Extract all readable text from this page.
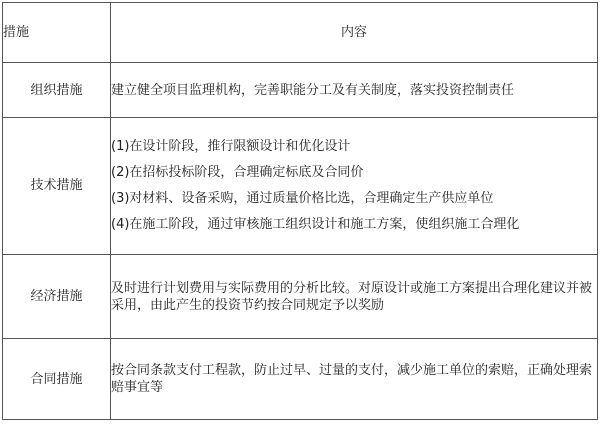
措施	内容
组织措施	建立健全项目监理机构，完善职能分工及有关制度，落实投资控制责任
技术措施	(1)在设计阶段，推行限额设计和优化设计
(2)在招标投标阶段，合理确定标底及合同价
(3)对材料、设备采购，通过质量价格比选，合理确定生产供应单位
(4)在施工阶段，通过审核施工组织设计和施工方案，使组织施工合理化

经济措施	及时进行计划费用与实际费用的分析比较。对原设计或施工方案提出合理化建议并被采用，由此产生的投资节约按合同规定予以奖励
合同措施	按合同条款支付工程款，防止过早、过量的支付，减少施工单位的索赔，正确处理索赔事宜等
